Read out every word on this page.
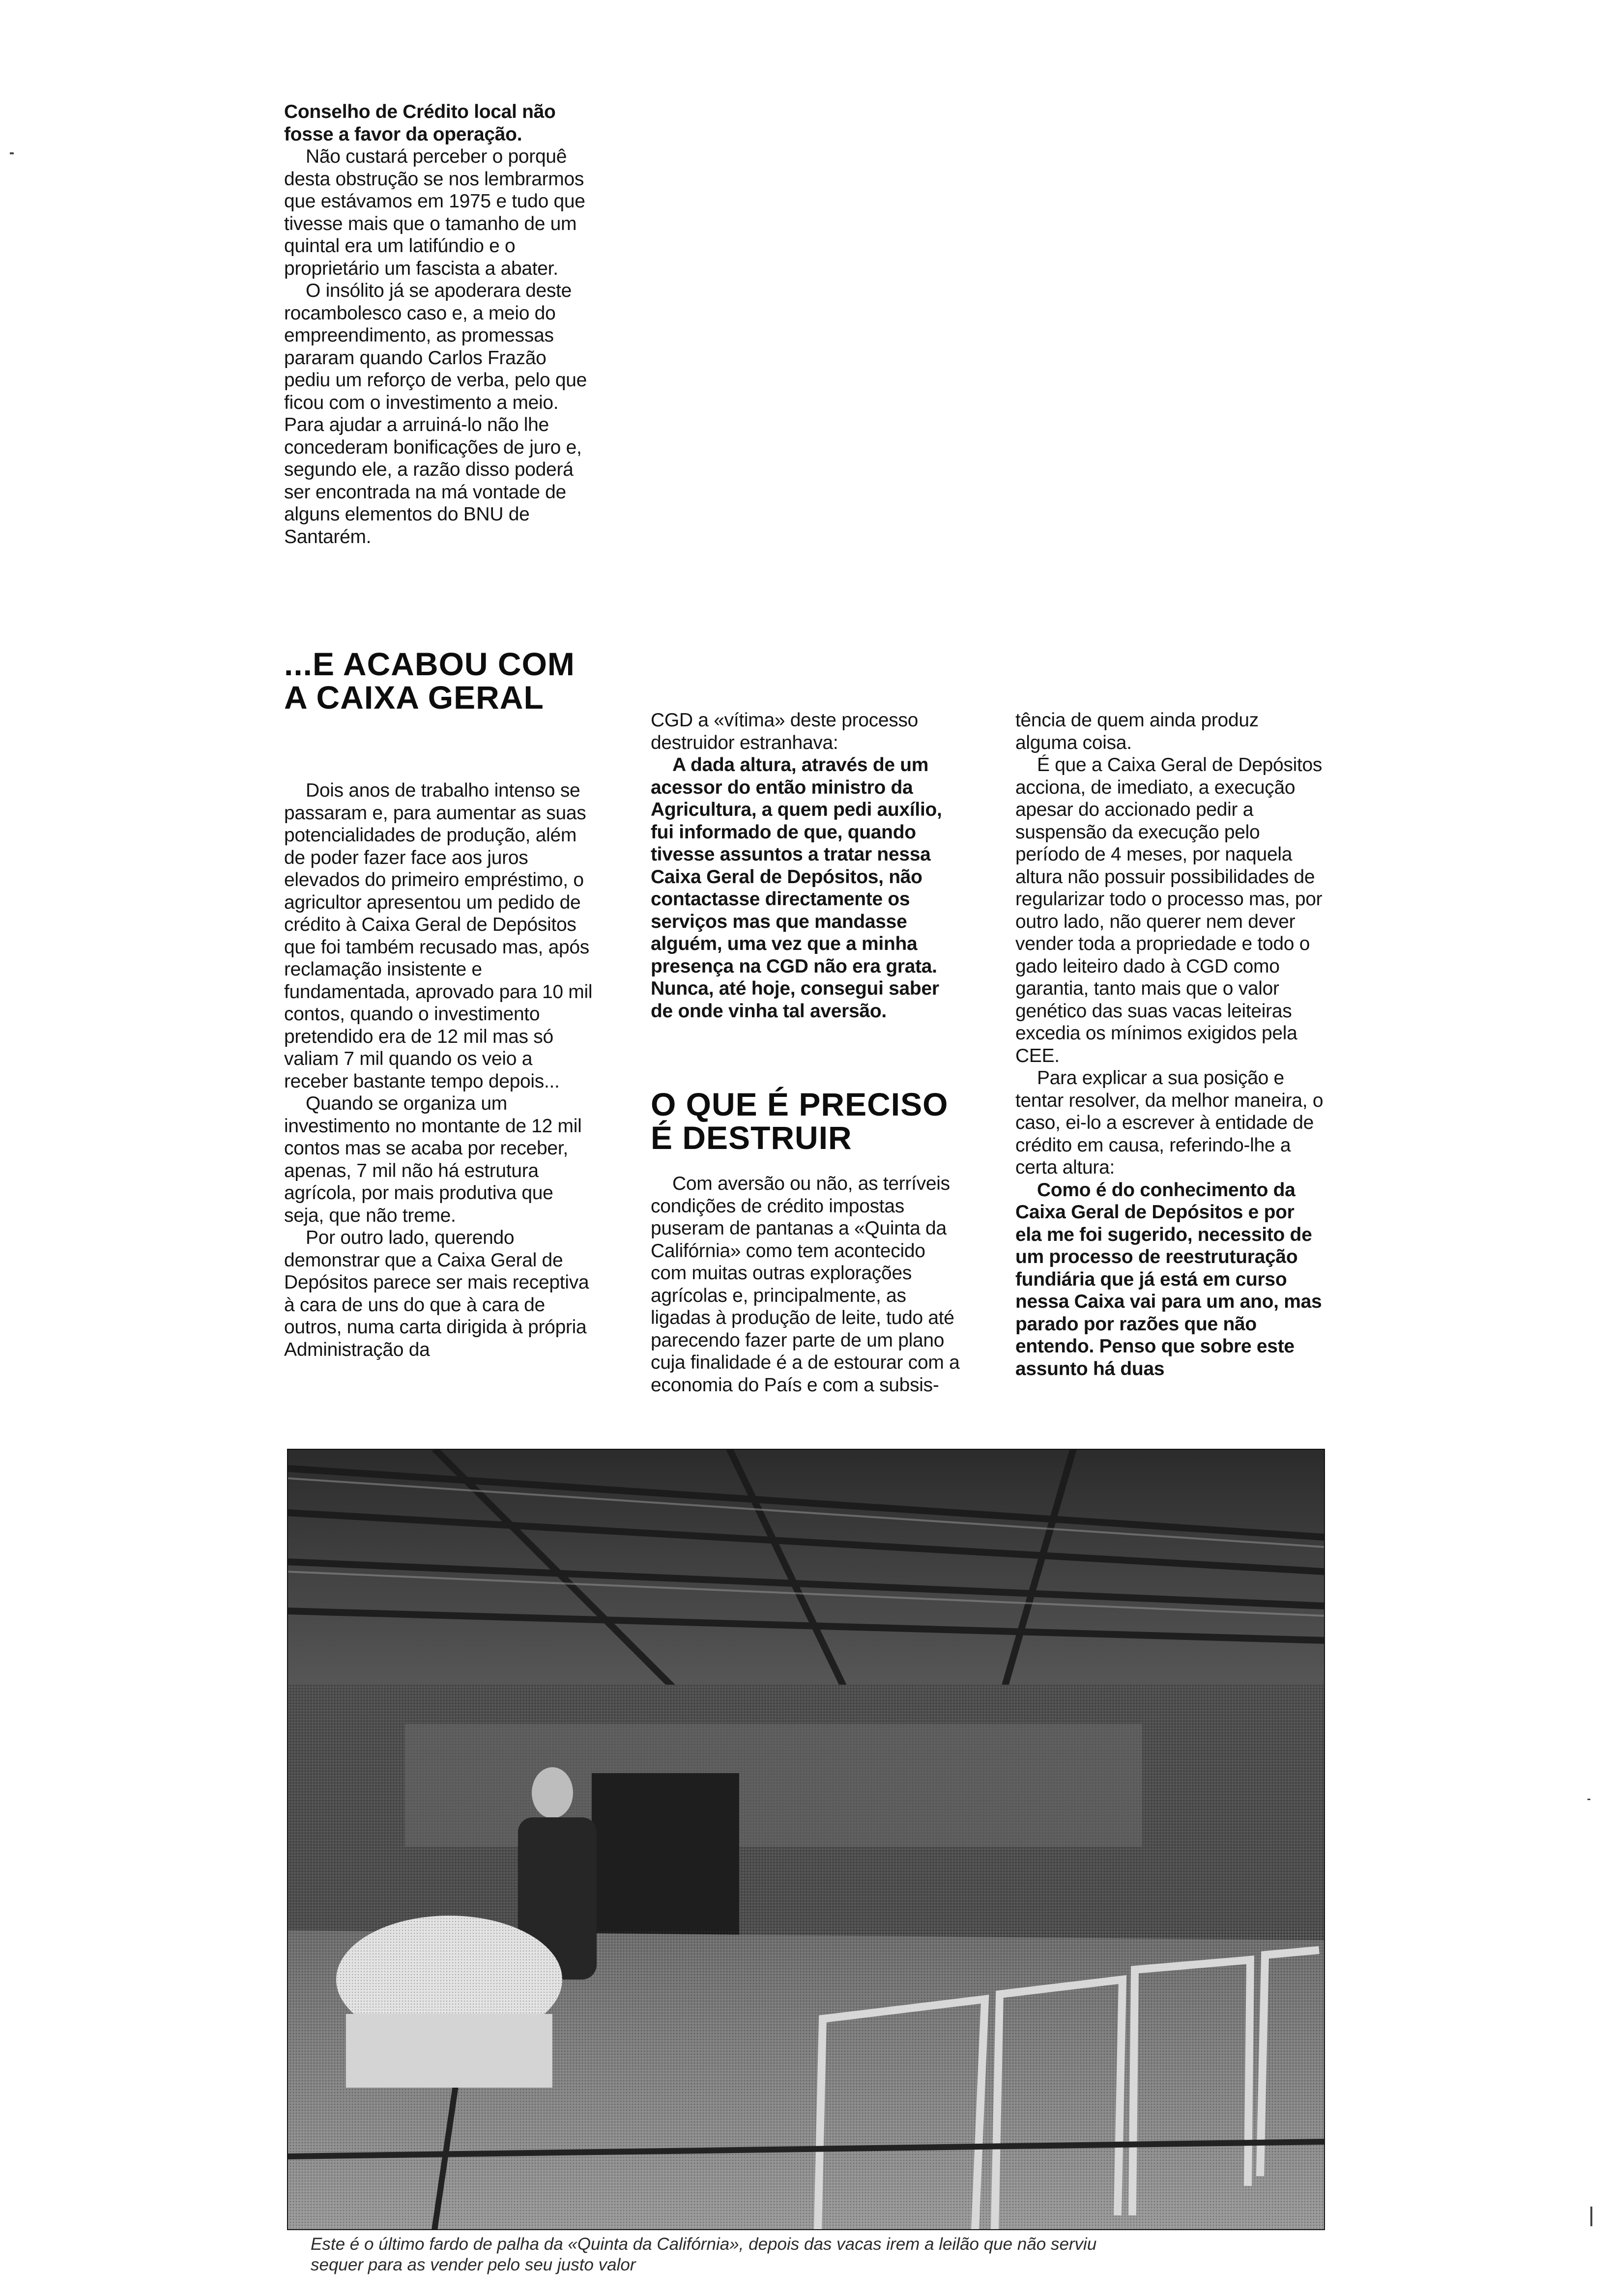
Conselho de Crédito local não fosse a favor da operação.

Não custará perceber o porquê desta obstrução se nos lembrarmos que estávamos em 1975 e tudo que tivesse mais que o tamanho de um quintal era um latifúndio e o proprietário um fascista a abater.

O insólito já se apoderara deste rocambolesco caso e, a meio do empreendimento, as promessas pararam quando Carlos Frazão pediu um reforço de verba, pelo que ficou com o investimento a meio. Para ajudar a arruiná-lo não lhe concederam bonificações de juro e, segundo ele, a razão disso poderá ser encontrada na má vontade de alguns elementos do BNU de Santarém.

...E ACABOU COM A CAIXA GERAL

Dois anos de trabalho intenso se passaram e, para aumentar as suas potencialidades de produção, além de poder fazer face aos juros elevados do primeiro empréstimo, o agricultor apresentou um pedido de crédito à Caixa Geral de Depósitos que foi também recusado mas, após reclamação insistente e fundamentada, aprovado para 10 mil contos, quando o investimento pretendido era de 12 mil mas só valiam 7 mil quando os veio a receber bastante tempo depois...

Quando se organiza um investimento no montante de 12 mil contos mas se acaba por receber, apenas, 7 mil não há estrutura agrícola, por mais produtiva que seja, que não treme.

Por outro lado, querendo demonstrar que a Caixa Geral de Depósitos parece ser mais receptiva à cara de uns do que à cara de outros, numa carta dirigida à própria Administração da

CGD a «vítima» deste processo destruidor estranhava:

A dada altura, através de um acessor do então ministro da Agricultura, a quem pedi auxílio, fui informado de que, quando tivesse assuntos a tratar nessa Caixa Geral de Depósitos, não contactasse directamente os serviços mas que mandasse alguém, uma vez que a minha presença na CGD não era grata. Nunca, até hoje, consegui saber de onde vinha tal aversão.

O QUE É PRECISO É DESTRUIR

Com aversão ou não, as terríveis condições de crédito impostas puseram de pantanas a «Quinta da Califórnia» como tem acontecido com muitas outras explorações agrícolas e, principalmente, as ligadas à produção de leite, tudo até parecendo fazer parte de um plano cuja finalidade é a de estourar com a economia do País e com a subsis-

tência de quem ainda produz alguma coisa.

É que a Caixa Geral de Depósitos acciona, de imediato, a execução apesar do accionado pedir a suspensão da execução pelo período de 4 meses, por naquela altura não possuir possibilidades de regularizar todo o processo mas, por outro lado, não querer nem dever vender toda a propriedade e todo o gado leiteiro dado à CGD como garantia, tanto mais que o valor genético das suas vacas leiteiras excedia os mínimos exigidos pela CEE.

Para explicar a sua posição e tentar resolver, da melhor maneira, o caso, ei-lo a escrever à entidade de crédito em causa, referindo-lhe a certa altura:

Como é do conhecimento da Caixa Geral de Depósitos e por ela me foi sugerido, necessito de um processo de reestruturação fundiária que já está em curso nessa Caixa vai para um ano, mas parado por razões que não entendo. Penso que sobre este assunto há duas

Este é o último fardo de palha da «Quinta da Califórnia», depois das vacas irem a leilão que não serviu
sequer para as vender pelo seu justo valor
